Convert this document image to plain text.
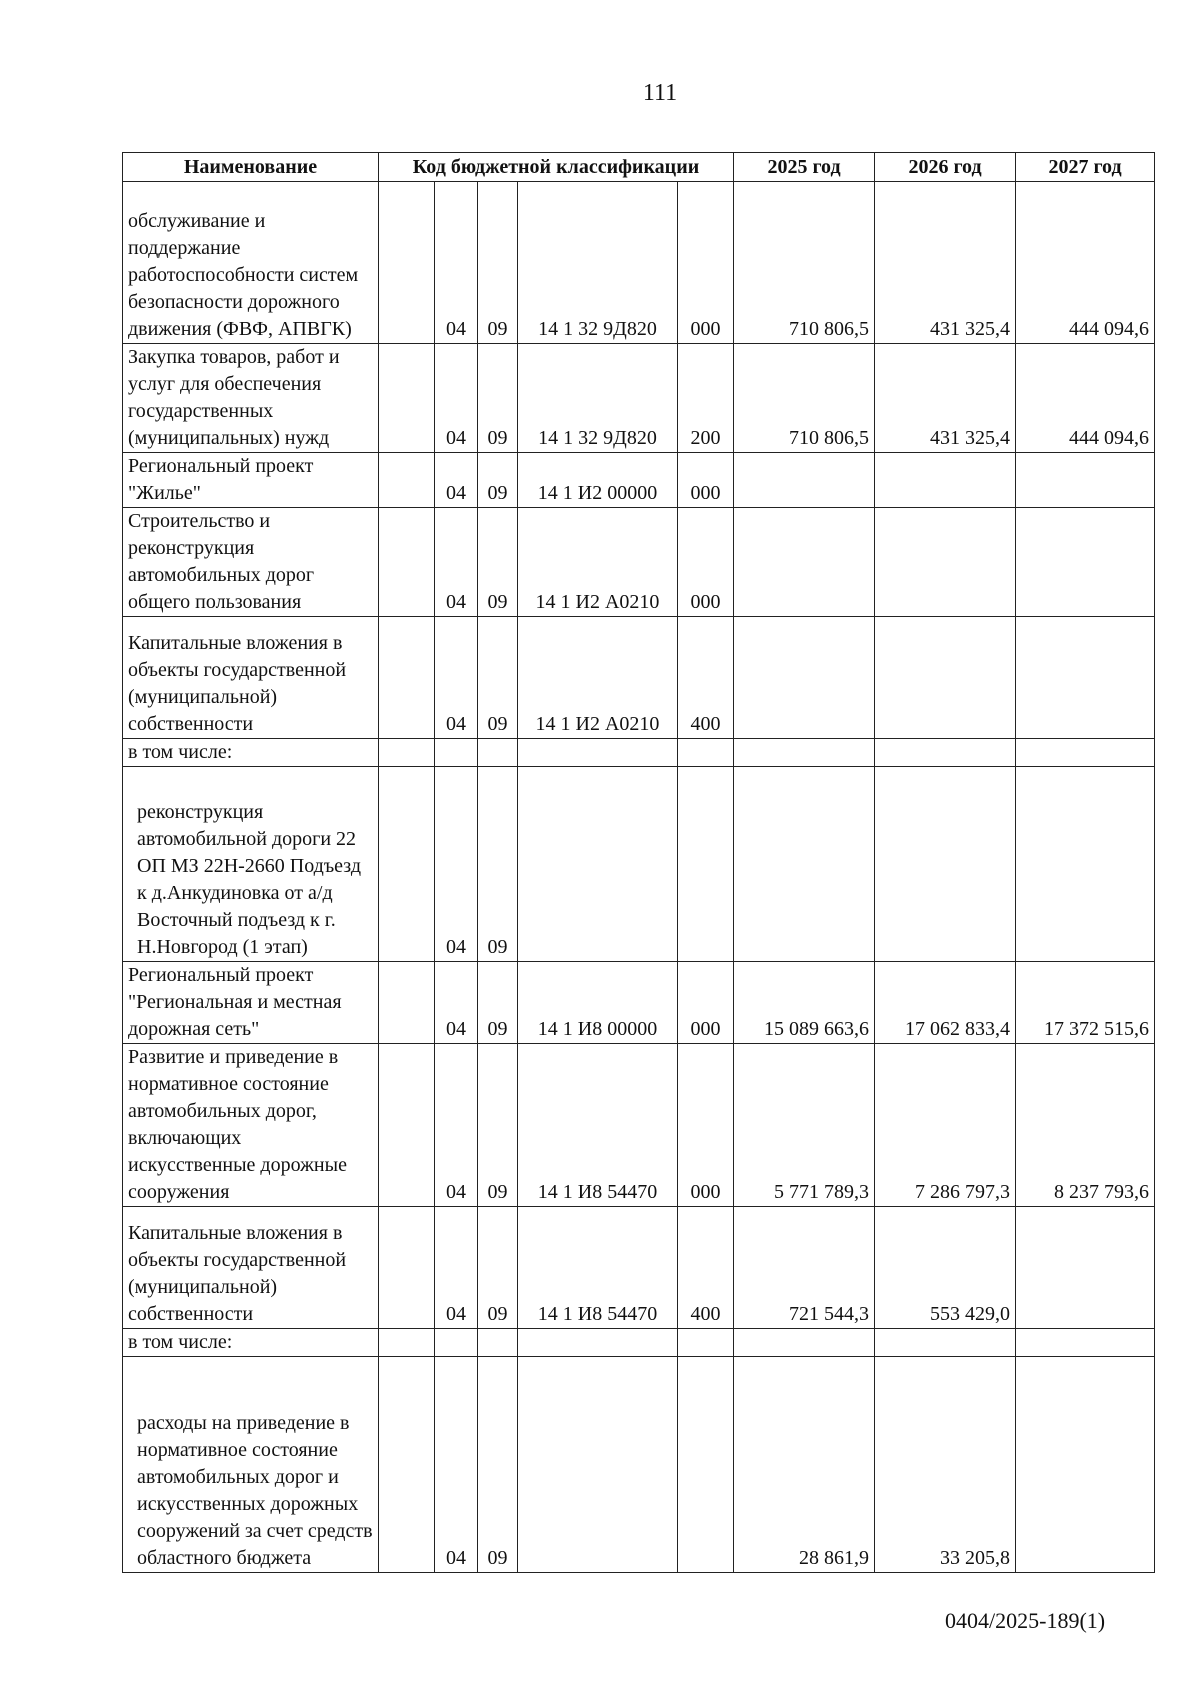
111
Наименование	Код бюджетной классификации					2025 год	2026 год	2027 год
обслуживание и поддержание работоспособности систем безопасности дорожного движения (ФВФ, АПВГК)		04	09	14 1 32 9Д820	000	710 806,5	431 325,4	444 094,6
Закупка товаров, работ и услуг для обеспечения государственных (муниципальных) нужд		04	09	14 1 32 9Д820	200	710 806,5	431 325,4	444 094,6
Региональный проект "Жилье"		04	09	14 1 И2 00000	000			
Строительство и реконструкция автомобильных дорог общего пользования		04	09	14 1 И2 А0210	000			
Капитальные вложения в объекты государственной (муниципальной) собственности		04	09	14 1 И2 А0210	400			
в том числе:								
реконструкция автомобильной дороги 22 ОП МЗ 22Н-2660 Подъезд к д.Анкудиновка от а/д Восточный подъезд к г. Н.Новгород (1 этап)		04	09					
Региональный проект "Региональная и местная дорожная сеть"		04	09	14 1 И8 00000	000	15 089 663,6	17 062 833,4	17 372 515,6
Развитие и приведение в нормативное состояние автомобильных дорог, включающих искусственные дорожные сооружения		04	09	14 1 И8 54470	000	5 771 789,3	7 286 797,3	8 237 793,6
Капитальные вложения в объекты государственной (муниципальной) собственности		04	09	14 1 И8 54470	400	721 544,3	553 429,0	
в том числе:								
расходы на приведение в нормативное состояние автомобильных дорог и искусственных дорожных сооружений за счет средств областного бюджета		04	09			28 861,9	33 205,8	
0404/2025-189(1)
